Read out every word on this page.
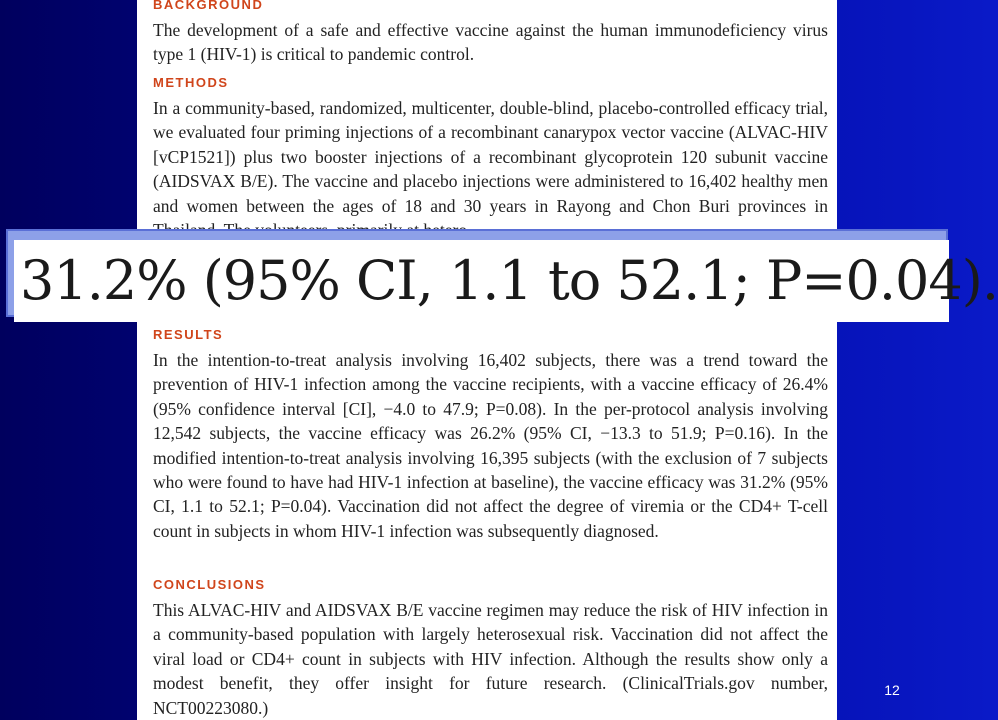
BACKGROUND

The development of a safe and effective vaccine against the human immunodeficiency virus type 1 (HIV-1) is critical to pandemic control.

METHODS

In a community-based, randomized, multicenter, double-blind, placebo-controlled efficacy trial, we evaluated four priming injections of a recombinant canarypox vector vaccine (ALVAC-HIV [vCP1521]) plus two booster injections of a recombinant glycoprotein 120 subunit vaccine (AIDSVAX B/E). The vaccine and placebo injections were administered to 16,402 healthy men and women between the ages of 18 and 30 years in Rayong and Chon Buri provinces in

RESULTS

In the intention-to-treat analysis involving 16,402 subjects, there was a trend toward the prevention of HIV-1 infection among the vaccine recipients, with a vaccine efficacy of 26.4% (95% confidence interval [CI], −4.0 to 47.9; P=0.08). In the per-protocol analysis involving 12,542 subjects, the vaccine efficacy was 26.2% (95% CI, −13.3 to 51.9; P=0.16). In the modified intention-to-treat analysis involving 16,395 subjects (with the exclusion of 7 subjects who were found to have had HIV-1 infection at baseline), the vaccine efficacy was 31.2% (95% CI, 1.1 to 52.1; P=0.04). Vaccination did not affect the degree of viremia or the CD4+ T-cell count in subjects in whom HIV-1 infection was subsequently diagnosed.

CONCLUSIONS

This ALVAC-HIV and AIDSVAX B/E vaccine regimen may reduce the risk of HIV infection in a community-based population with largely heterosexual risk. Vaccination did not affect the viral load or CD4+ count in subjects with HIV infection. Although the results show only a modest benefit, they offer insight for future research. (ClinicalTrials.gov number, NCT00223080.)

31.2% (95% CI, 1.1 to 52.1; P=0.04).
12
